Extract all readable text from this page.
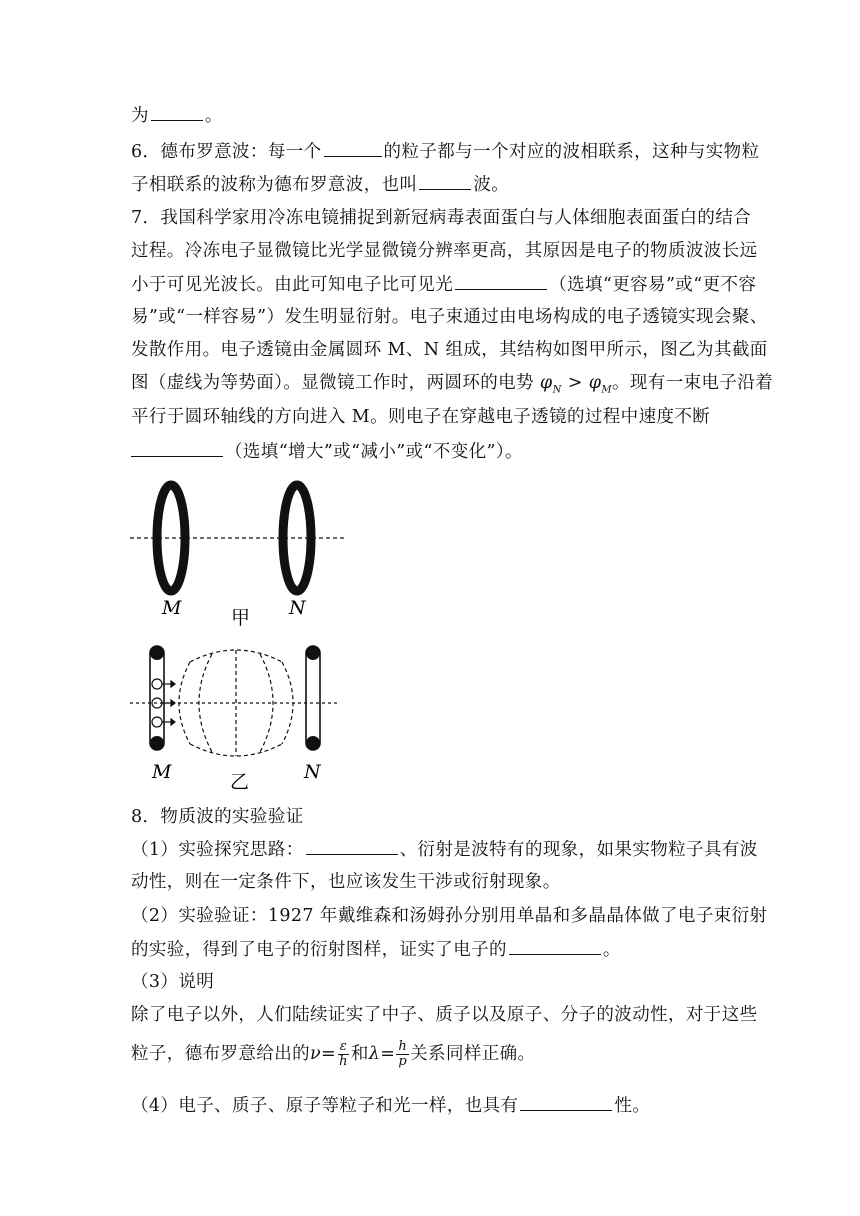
为	。
6．德布罗意波：每一个	的粒子都与一个对应的波相联系，这种与实物粒
子相联系的波称为德布罗意波，也叫	波。
7．我国科学家用冷冻电镜捕捉到新冠病毒表面蛋白与人体细胞表面蛋白的结合
过程。冷冻电子显微镜比光学显微镜分辨率更高，其原因是电子的物质波波长远
小于可见光波长。由此可知电子比可见光	（选填“更容易”或“更不容
易”或“一样容易”）发生明显衍射。电子束通过由电场构成的电子透镜实现会聚、
发散作用。电子透镜由金属圆环 M、N 组成，其结构如图甲所示，图乙为其截面
图（虚线为等势面）。显微镜工作时，两圆环的电势 $\varphi_N > \varphi_M$。现有一束电子沿着
平行于圆环轴线的方向进入 M。则电子在穿越电子透镜的过程中速度不断
（选填“增大”或“减小”或“不变化”）。
M	N
甲
M	N
乙
8．物质波的实验验证
（1）实验探究思路：	、衍射是波特有的现象，如果实物粒子具有波
动性，则在一定条件下，也应该发生干涉或衍射现象。
（2）实验验证：1927 年戴维森和汤姆孙分别用单晶和多晶晶体做了电子束衍射
的实验，得到了电子的衍射图样，证实了电子的	。
（3）说明
除了电子以外，人们陆续证实了中子、质子以及原子、分子的波动性，对于这些
粒子，德布罗意给出的$\nu= \frac{\varepsilon}{h}$ 和$\lambda= \frac{h}{p}$ 关系同样正确。
（4）电子、质子、原子等粒子和光一样，也具有	性。
